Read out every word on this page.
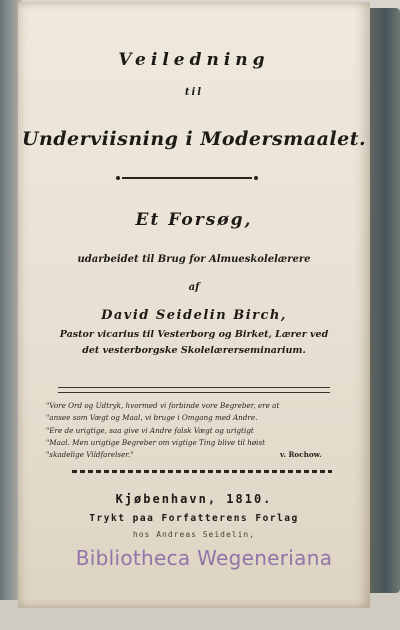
Veiledning
til
Underviisning i Modersmaalet.
Et Forsøg,
udarbeidet til Brug for Almueskolelærere
af
David Seidelin Birch,
Pastor vicarius til Vesterborg og Birket, Lærer ved
det vesterborgske Skolelærerseminarium.
"Vore Ord og Udtryk, hvormed vi forbinde vore Begreber, ere at
"ansee som Vægt og Maal, vi bruge i Omgang med Andre.
"Ere de urigtige, saa give vi Andre falsk Vægt og urigtigt
"Maal. Men urigtige Begreber om vigtige Ting blive til høist
"skadelige Vildfarelser."	v. Rochow.
Kjøbenhavn, 1810.
Trykt paa Forfatterens Forlag
hos Andreas Seidelin,
Bibliotheca Wegeneriana
